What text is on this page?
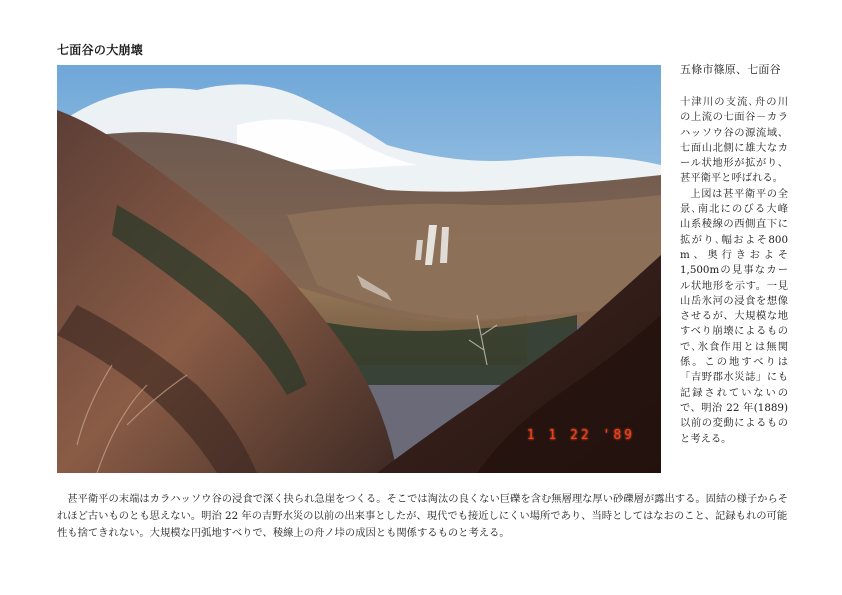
七面谷の大崩壊
1 1 22 '89
五條市篠原、七面谷

十津川の支流､舟の川の上流の七面谷－カラハッソウ谷の源流域、七面山北側に雄大なカール状地形が拡がり、甚平衛平と呼ばれる。

上図は甚平衛平の全景､南北にのびる大峰山系稜線の西側直下に拡がり､幅およそ800 m、奥行きおよそ1,500mの見事なカール状地形を示す。一見山岳氷河の浸食を想像させるが、大規模な地すべり崩壊によるもので､氷食作用とは無関係。この地すべりは「吉野郡水災誌」にも記録されていないので、明治 22 年(1889)以前の変動によるものと考える。

甚平衛平の末端はカラハッソウ谷の浸食で深く抉られ急崖をつくる。そこでは淘汰の良くない巨礫を含む無層理な厚い砂礫層が露出する。固結の様子からそれほど古いものとも思えない。明治 22 年の吉野水災の以前の出来事としたが、現代でも接近しにくい場所であり、当時としてはなおのこと、記録もれの可能性も捨てきれない。大規模な円弧地すべりで、稜線上の舟ノ垰の成因とも関係するものと考える。
